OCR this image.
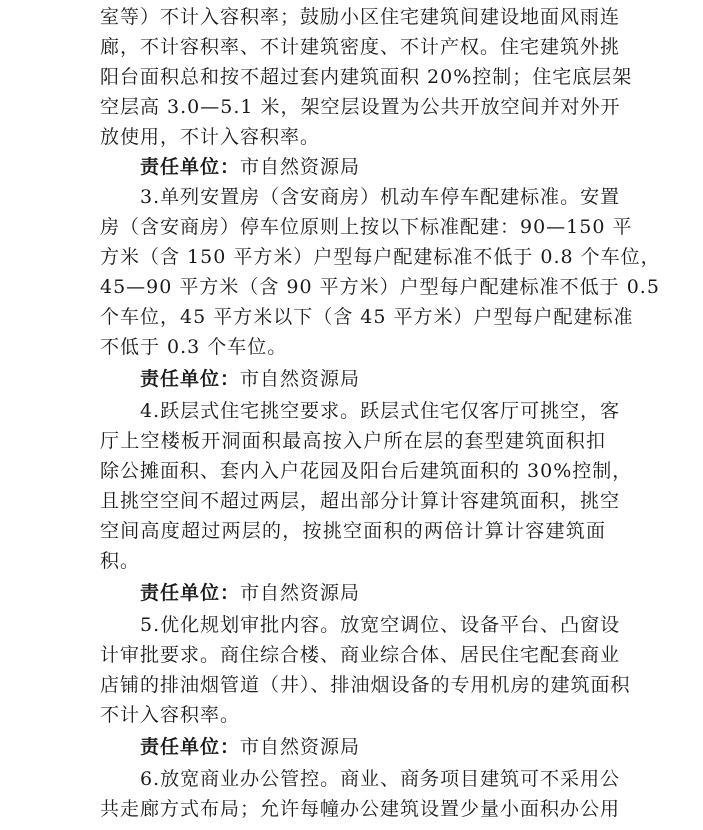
室等）不计入容积率；鼓励小区住宅建筑间建设地面风雨连
廊，不计容积率、不计建筑密度、不计产权。住宅建筑外挑
阳台面积总和按不超过套内建筑面积 20%控制；住宅底层架
空层高 3.0—5.1 米，架空层设置为公共开放空间并对外开
放使用，不计入容积率。
责任单位：市自然资源局
3.单列安置房（含安商房）机动车停车配建标准。安置
房（含安商房）停车位原则上按以下标准配建：90—150 平
方米（含 150 平方米）户型每户配建标准不低于 0.8 个车位，
45—90 平方米（含 90 平方米）户型每户配建标准不低于 0.5
个车位，45 平方米以下（含 45 平方米）户型每户配建标准
不低于 0.3 个车位。
责任单位：市自然资源局
4.跃层式住宅挑空要求。跃层式住宅仅客厅可挑空，客
厅上空楼板开洞面积最高按入户所在层的套型建筑面积扣
除公摊面积、套内入户花园及阳台后建筑面积的 30%控制，
且挑空空间不超过两层，超出部分计算计容建筑面积，挑空
空间高度超过两层的，按挑空面积的两倍计算计容建筑面
积。
责任单位：市自然资源局
5.优化规划审批内容。放宽空调位、设备平台、凸窗设
计审批要求。商住综合楼、商业综合体、居民住宅配套商业
店铺的排油烟管道（井）、排油烟设备的专用机房的建筑面积
不计入容积率。
责任单位：市自然资源局
6.放宽商业办公管控。商业、商务项目建筑可不采用公
共走廊方式布局；允许每幢办公建筑设置少量小面积办公用
